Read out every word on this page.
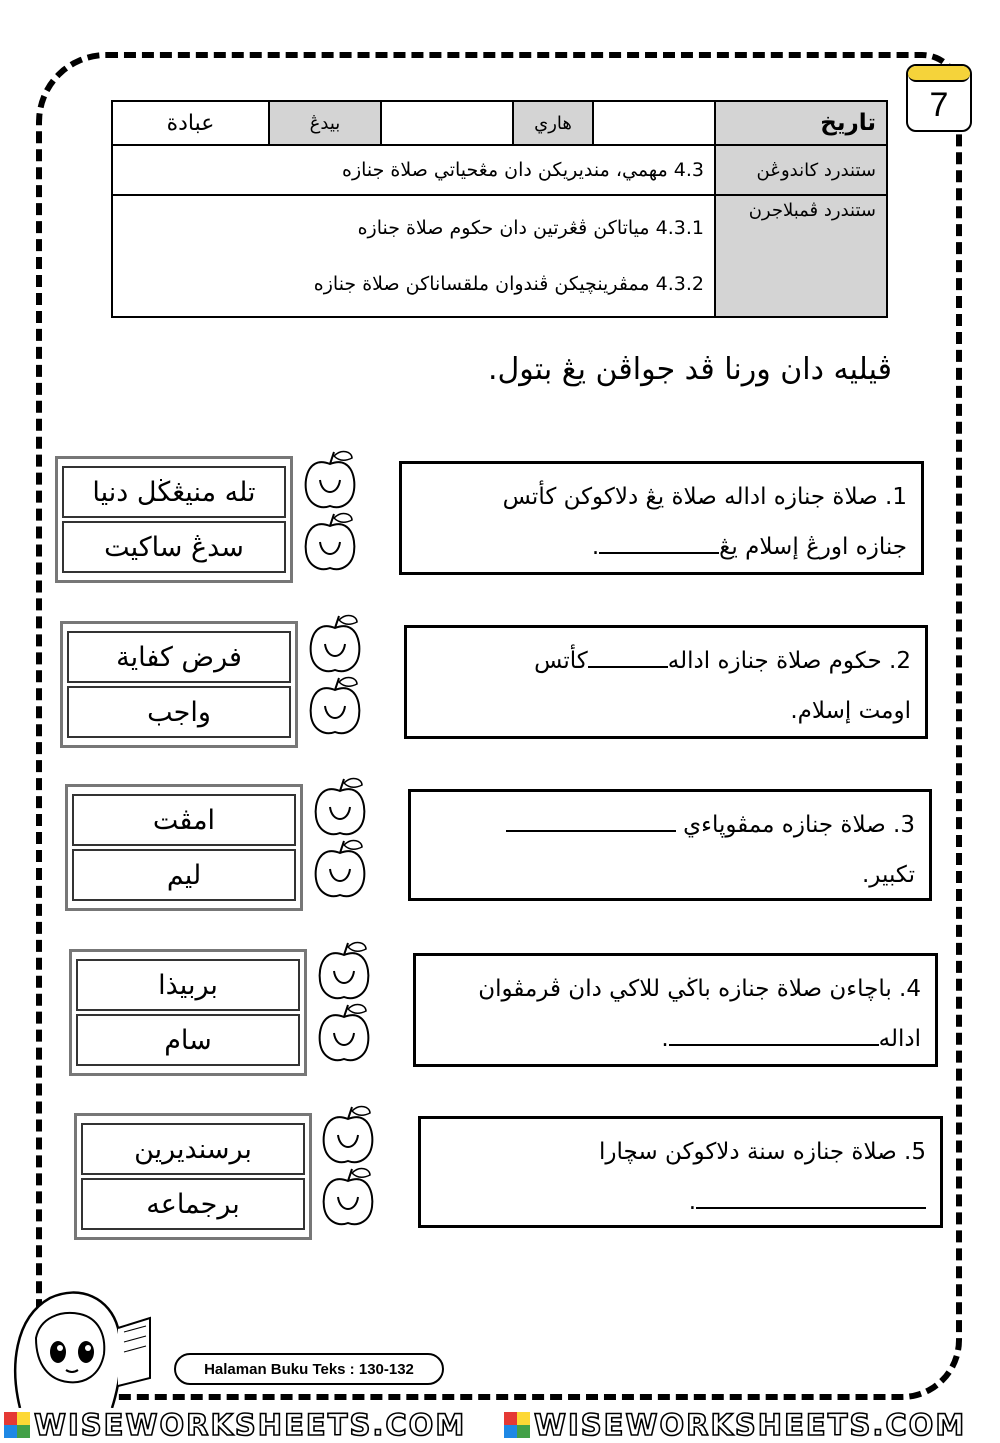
7
تاريخ		هاري		بيدڠ	عبادة
ستندرد كاندوڠن	4.3 مهمي، منديريكن دان مڠحياتي صلاة جنازه				
ستندرد ڤمبلاجرن	4.3.1 مياتاكن ڤڠرتين دان حكوم صلاة جنازه
4.3.2 ممڤرينچيكن ڤندوان ملقساناكن صلاة جنازه				
ڤيليه دان ورنا ڤد جواڤن يڠ بتول.
1. صلاة جنازه اداله صلاة يڠ دلاكوكن كأتس
جنازه اورڠ إسلام يڠ.
2. حكوم صلاة جنازه ادالهكأتس
اومت إسلام.
3. صلاة جنازه ممڤوڽاءي
تكبير.
4. باچاءن صلاة جنازه باڬي للاكي دان ڤرمڤوان
اداله.
5. صلاة جنازه سنة دلاكوكن سچارا
.
تله منيڠڬل دنيا
سدڠ ساكيت
فرض كفاية
واجب
امڤت
ليم
بربيذا
سام
برسنديرين
برجماعه
Halaman Buku Teks : 130-132
WISEWORKSHEETS.COM WISEWORKSHEETS.COM
